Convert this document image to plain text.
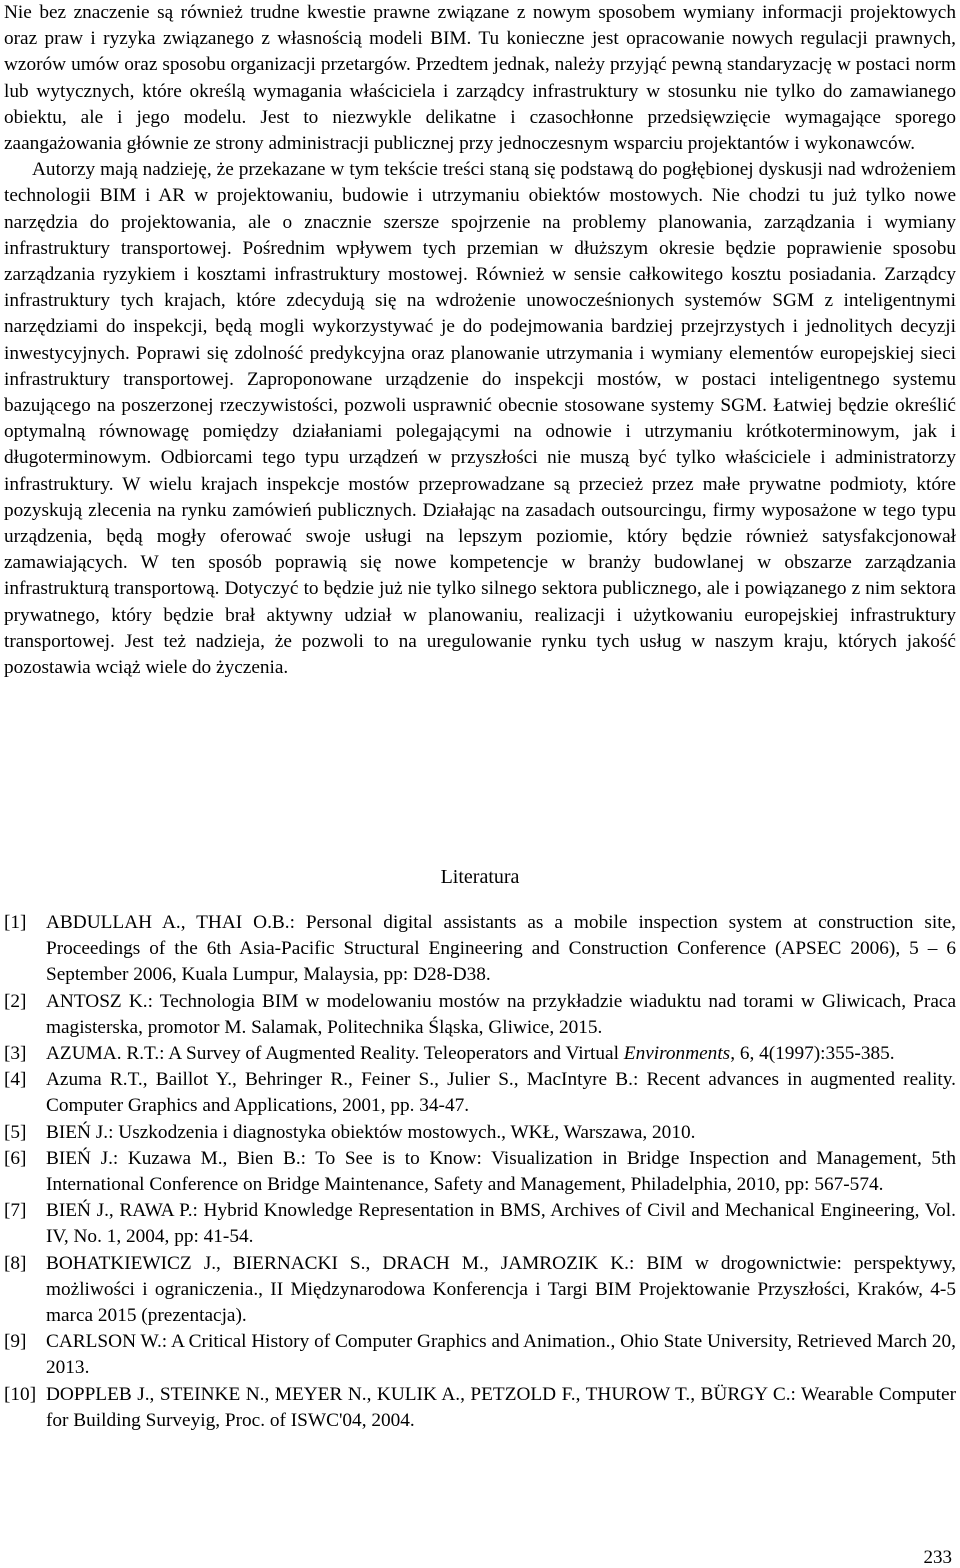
Nie bez znaczenie są również trudne kwestie prawne związane z nowym sposobem wymiany informacji projektowych oraz praw i ryzyka związanego z własnością modeli BIM. Tu konieczne jest opracowanie nowych regulacji prawnych, wzorów umów oraz sposobu organizacji przetargów. Przedtem jednak, należy przyjąć pewną standaryzację w postaci norm lub wytycznych, które określą wymagania właściciela i zarządcy infrastruktury w stosunku nie tylko do zamawianego obiektu, ale i jego modelu. Jest to niezwykle delikatne i czasochłonne przedsięwzięcie wymagające sporego zaangażowania głównie ze strony administracji publicznej przy jednoczesnym wsparciu projektantów i wykonawców.

Autorzy mają nadzieję, że przekazane w tym tekście treści staną się podstawą do pogłębionej dyskusji nad wdrożeniem technologii BIM i AR w projektowaniu, budowie i utrzymaniu obiektów mostowych. Nie chodzi tu już tylko nowe narzędzia do projektowania, ale o znacznie szersze spojrzenie na problemy planowania, zarządzania i wymiany infrastruktury transportowej. Pośrednim wpływem tych przemian w dłuższym okresie będzie poprawienie sposobu zarządzania ryzykiem i kosztami infrastruktury mostowej. Również w sensie całkowitego kosztu posiadania. Zarządcy infrastruktury tych krajach, które zdecydują się na wdrożenie unowocześnionych systemów SGM z inteligentnymi narzędziami do inspekcji, będą mogli wykorzystywać je do podejmowania bardziej przejrzystych i jednolitych decyzji inwestycyjnych. Poprawi się zdolność predykcyjna oraz planowanie utrzymania i wymiany elementów europejskiej sieci infrastruktury transportowej. Zaproponowane urządzenie do inspekcji mostów, w postaci inteligentnego systemu bazującego na poszerzonej rzeczywistości, pozwoli usprawnić obecnie stosowane systemy SGM. Łatwiej będzie określić optymalną równowagę pomiędzy działaniami polegającymi na odnowie i utrzymaniu krótkoterminowym, jak i długoterminowym. Odbiorcami tego typu urządzeń w przyszłości nie muszą być tylko właściciele i administratorzy infrastruktury. W wielu krajach inspekcje mostów przeprowadzane są przecież przez małe prywatne podmioty, które pozyskują zlecenia na rynku zamówień publicznych. Działając na zasadach outsourcingu, firmy wyposażone w tego typu urządzenia, będą mogły oferować swoje usługi na lepszym poziomie, który będzie również satysfakcjonował zamawiających. W ten sposób poprawią się nowe kompetencje w branży budowlanej w obszarze zarządzania infrastrukturą transportową. Dotyczyć to będzie już nie tylko silnego sektora publicznego, ale i powiązanego z nim sektora prywatnego, który będzie brał aktywny udział w planowaniu, realizacji i użytkowaniu europejskiej infrastruktury transportowej. Jest też nadzieja, że pozwoli to na uregulowanie rynku tych usług w naszym kraju, których jakość pozostawia wciąż wiele do życzenia.

Literatura
[1]	ABDULLAH A., THAI O.B.: Personal digital assistants as a mobile inspection system at construction site, Proceedings of the 6th Asia-Pacific Structural Engineering and Construction Conference (APSEC 2006), 5 – 6 September 2006, Kuala Lumpur, Malaysia, pp: D28-D38.
[2]	ANTOSZ K.: Technologia BIM w modelowaniu mostów na przykładzie wiaduktu nad torami w Gliwicach, Praca magisterska, promotor M. Salamak, Politechnika Śląska, Gliwice, 2015.
[3]	AZUMA. R.T.: A Survey of Augmented Reality. Teleoperators and Virtual Environments, 6, 4(1997):355-385.
[4]	Azuma R.T., Baillot Y., Behringer R., Feiner S., Julier S., MacIntyre B.: Recent advances in augmented reality. Computer Graphics and Applications, 2001, pp. 34-47.
[5]	BIEŃ J.: Uszkodzenia i diagnostyka obiektów mostowych., WKŁ, Warszawa, 2010.
[6]	BIEŃ J.: Kuzawa M., Bien B.: To See is to Know: Visualization in Bridge Inspection and Management, 5th International Conference on Bridge Maintenance, Safety and Management, Philadelphia, 2010, pp: 567-574.
[7]	BIEŃ J., RAWA P.: Hybrid Knowledge Representation in BMS, Archives of Civil and Mechanical Engineering, Vol. IV, No. 1, 2004, pp: 41-54.
[8]	BOHATKIEWICZ J., BIERNACKI S., DRACH M., JAMROZIK K.: BIM w drogownictwie: perspektywy, możliwości i ograniczenia., II Międzynarodowa Konferencja i Targi BIM Projektowanie Przyszłości, Kraków, 4-5 marca 2015 (prezentacja).
[9]	CARLSON W.: A Critical History of Computer Graphics and Animation., Ohio State University, Retrieved March 20, 2013.
[10] DOPPLEB J., STEINKE N., MEYER N., KULIK A., PETZOLD F., THUROW T., BÜRGY C.: Wearable Computer for Building Surveyig, Proc. of ISWC'04, 2004.
233
